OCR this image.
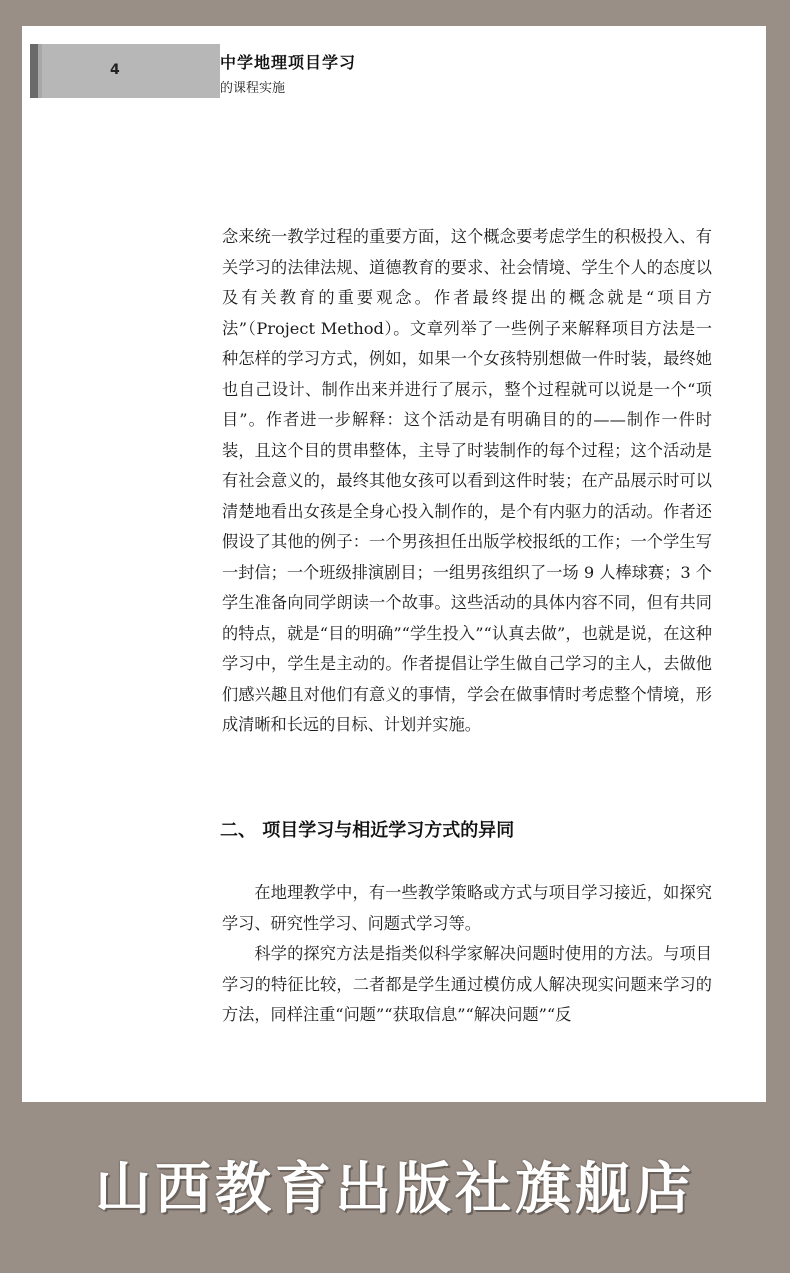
4	中学地理项目学习
的课程实施

念来统一教学过程的重要方面，这个概念要考虑学生的积极投入、有关学习的法律法规、道德教育的要求、社会情境、学生个人的态度以及有关教育的重要观念。作者最终提出的概念就是“项目方法”（Project Method）。文章列举了一些例子来解释项目方法是一种怎样的学习方式，例如，如果一个女孩特别想做一件时装，最终她也自己设计、制作出来并进行了展示，整个过程就可以说是一个“项目”。作者进一步解释：这个活动是有明确目的的——制作一件时装，且这个目的贯串整体，主导了时装制作的每个过程；这个活动是有社会意义的，最终其他女孩可以看到这件时装；在产品展示时可以清楚地看出女孩是全身心投入制作的，是个有内驱力的活动。作者还假设了其他的例子：一个男孩担任出版学校报纸的工作；一个学生写一封信；一个班级排演剧目；一组男孩组织了一场 9 人棒球赛；3 个学生准备向同学朗读一个故事。这些活动的具体内容不同，但有共同的特点，就是“目的明确”“学生投入”“认真去做”，也就是说，在这种学习中，学生是主动的。作者提倡让学生做自己学习的主人，去做他们感兴趣且对他们有意义的事情，学会在做事情时考虑整个情境，形成清晰和长远的目标、计划并实施。

二、 项目学习与相近学习方式的异同

在地理教学中，有一些教学策略或方式与项目学习接近，如探究学习、研究性学习、问题式学习等。

科学的探究方法是指类似科学家解决问题时使用的方法。与项目学习的特征比较，二者都是学生通过模仿成人解决现实问题来学习的方法，同样注重“问题”“获取信息”“解决问题”“反

山西教育出版社旗舰店
